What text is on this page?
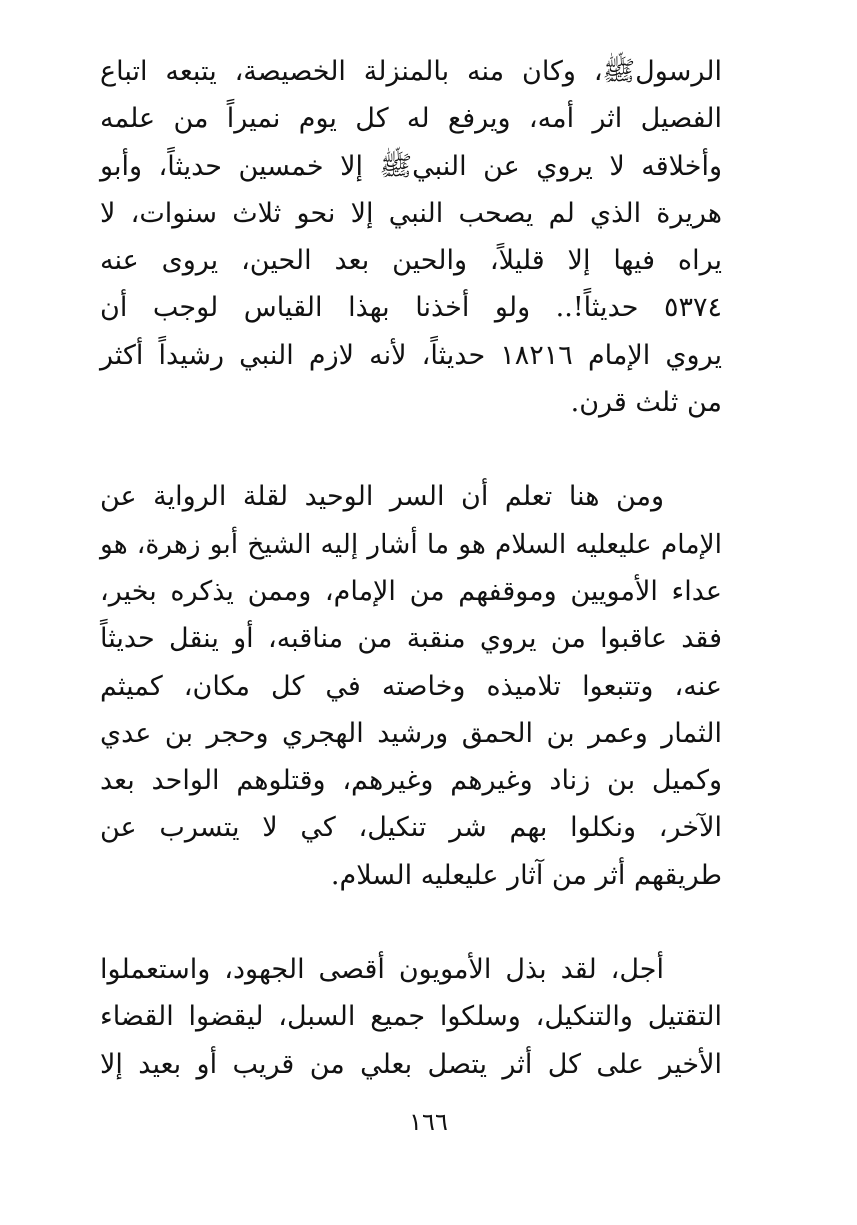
الرسولﷺ، وكان منه بالمنزلة الخصيصة، يتبعه اتباع
الفصيل اثر أمه، ويرفع له كل يوم نميراً من علمه
وأخلاقه لا يروي عن النبيﷺ إلا خمسين حديثاً، وأبو
هريرة الذي لم يصحب النبي إلا نحو ثلاث سنوات، لا
يراه فيها إلا قليلاً، والحين بعد الحين، يروى عنه
٥٣٧٤ حديثاً!.. ولو أخذنا بهذا القياس لوجب أن
يروي الإمام ١٨٢١٦ حديثاً، لأنه لازم النبي رشيداً أكثر
من ثلث قرن.

ومن هنا تعلم أن السر الوحيد لقلة الرواية عن
الإمام عليعليه السلام هو ما أشار إليه الشيخ أبو زهرة، هو
عداء الأمويين وموقفهم من الإمام، وممن يذكره بخير،
فقد عاقبوا من يروي منقبة من مناقبه، أو ينقل حديثاً
عنه، وتتبعوا تلاميذه وخاصته في كل مكان، كميثم
الثمار وعمر بن الحمق ورشيد الهجري وحجر بن عدي
وكميل بن زناد وغيرهم وغيرهم، وقتلوهم الواحد بعد
الآخر، ونكلوا بهم شر تنكيل، كي لا يتسرب عن
طريقهم أثر من آثار عليعليه السلام.

أجل، لقد بذل الأمويون أقصى الجهود، واستعملوا
التقتيل والتنكيل، وسلكوا جميع السبل، ليقضوا القضاء
الأخير على كل أثر يتصل بعلي من قريب أو بعيد إلا

١٦٦
